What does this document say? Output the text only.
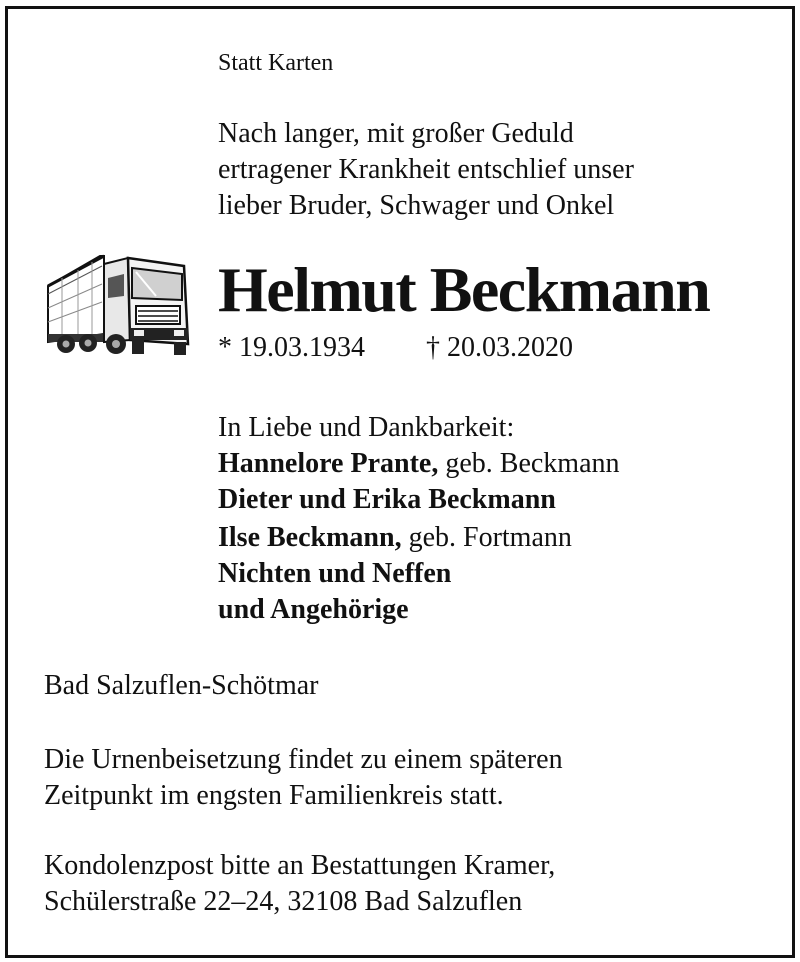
Statt Karten
Nach langer, mit großer Geduld
ertragener Krankheit entschlief unser
lieber Bruder, Schwager und Onkel
Helmut Beckmann
* 19.03.1934 † 20.03.2020
In Liebe und Dankbarkeit:
Hannelore Prante, geb. Beckmann
Dieter und Erika Beckmann
Ilse Beckmann, geb. Fortmann
Nichten und Neffen
und Angehörige
Bad Salzuflen-Schötmar
Die Urnenbeisetzung findet zu einem späteren
Zeitpunkt im engsten Familienkreis statt.
Kondolenzpost bitte an Bestattungen Kramer,
Schülerstraße 22–24, 32108 Bad Salzuflen
